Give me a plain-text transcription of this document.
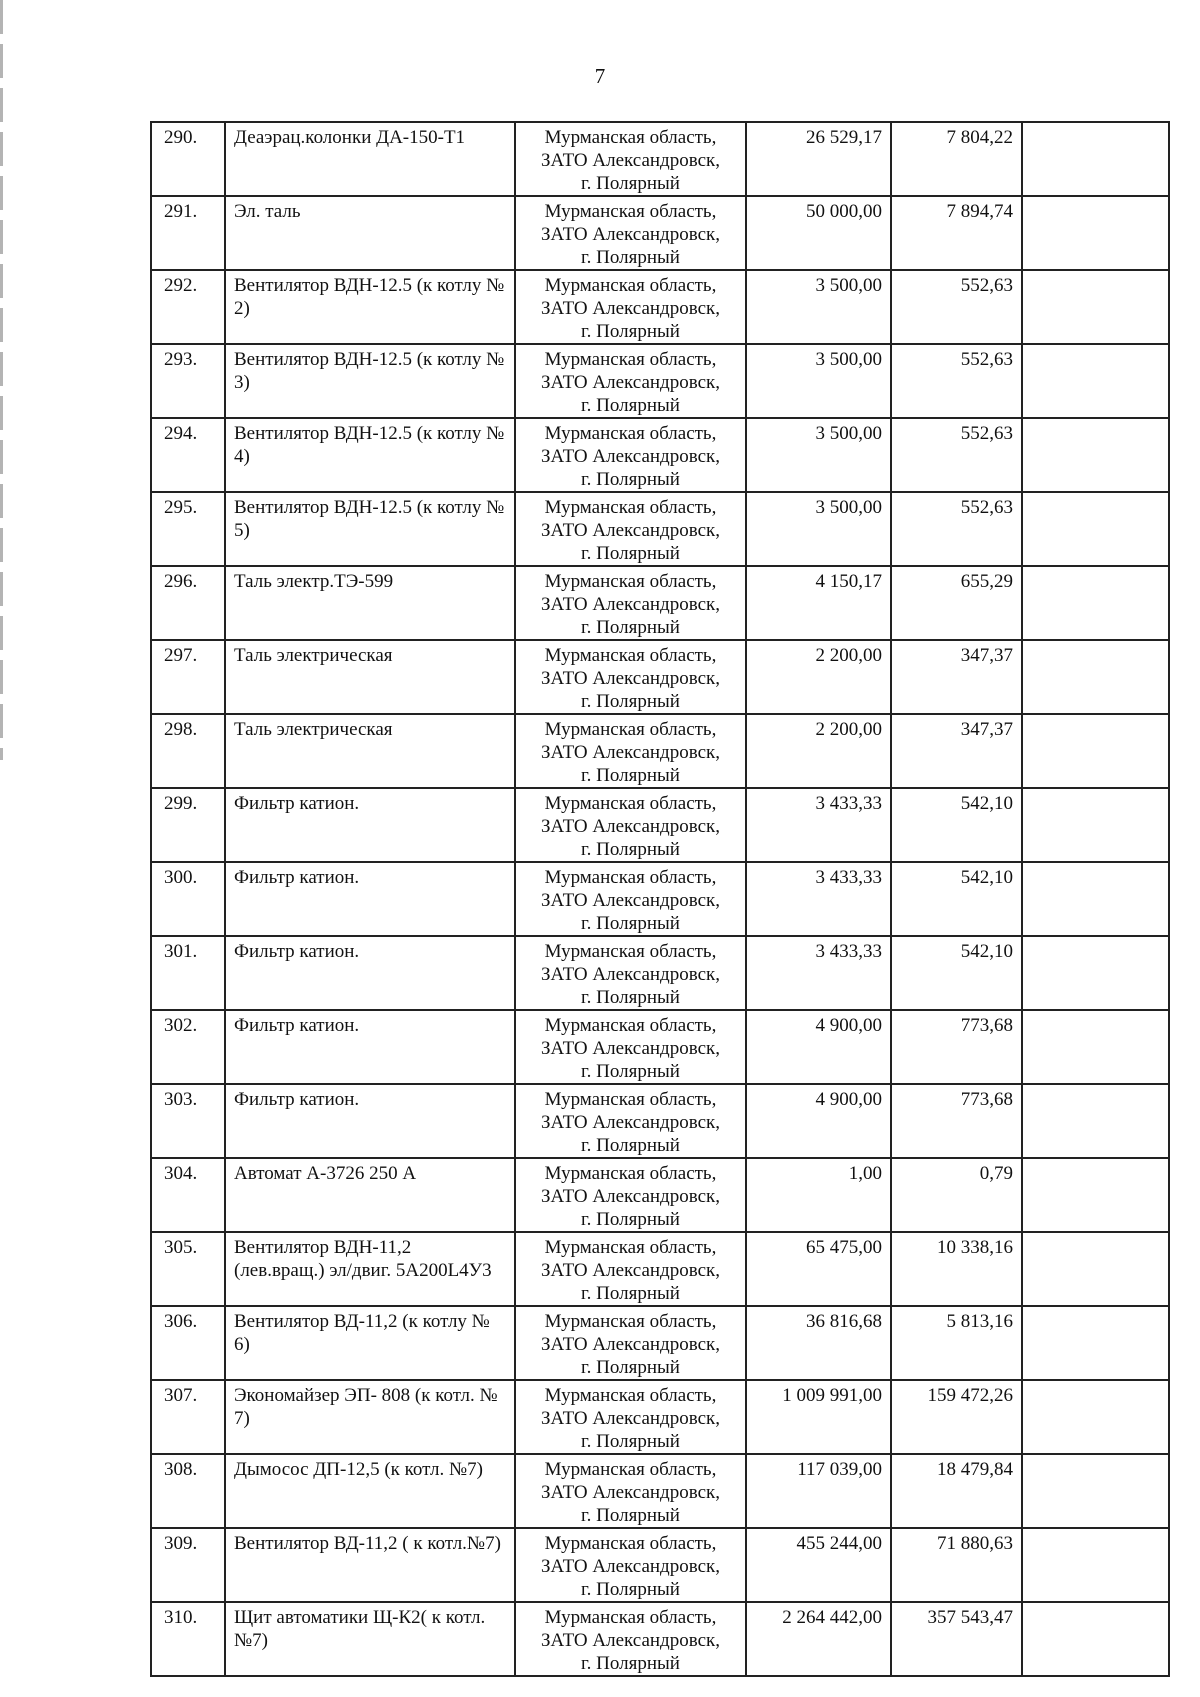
7
290.	Деаэрац.колонки ДА-150-Т1	Мурманская область,
ЗАТО Александровск,
г. Полярный	26 529,17	7 804,22	
291.	Эл. таль	Мурманская область,
ЗАТО Александровск,
г. Полярный	50 000,00	7 894,74	
292.	Вентилятор ВДН-12.5 (к котлу № 2)	Мурманская область,
ЗАТО Александровск,
г. Полярный	3 500,00	552,63	
293.	Вентилятор ВДН-12.5 (к котлу № 3)	Мурманская область,
ЗАТО Александровск,
г. Полярный	3 500,00	552,63	
294.	Вентилятор ВДН-12.5 (к котлу № 4)	Мурманская область,
ЗАТО Александровск,
г. Полярный	3 500,00	552,63	
295.	Вентилятор ВДН-12.5 (к котлу № 5)	Мурманская область,
ЗАТО Александровск,
г. Полярный	3 500,00	552,63	
296.	Таль электр.ТЭ-599	Мурманская область,
ЗАТО Александровск,
г. Полярный	4 150,17	655,29	
297.	Таль электрическая	Мурманская область,
ЗАТО Александровск,
г. Полярный	2 200,00	347,37	
298.	Таль электрическая	Мурманская область,
ЗАТО Александровск,
г. Полярный	2 200,00	347,37	
299.	Фильтр катион.	Мурманская область,
ЗАТО Александровск,
г. Полярный	3 433,33	542,10	
300.	Фильтр катион.	Мурманская область,
ЗАТО Александровск,
г. Полярный	3 433,33	542,10	
301.	Фильтр катион.	Мурманская область,
ЗАТО Александровск,
г. Полярный	3 433,33	542,10	
302.	Фильтр катион.	Мурманская область,
ЗАТО Александровск,
г. Полярный	4 900,00	773,68	
303.	Фильтр катион.	Мурманская область,
ЗАТО Александровск,
г. Полярный	4 900,00	773,68	
304.	Автомат А-3726 250 А	Мурманская область,
ЗАТО Александровск,
г. Полярный	1,00	0,79	
305.	Вентилятор ВДН-11,2 (лев.вращ.) эл/двиг. 5А200L4У3	Мурманская область,
ЗАТО Александровск,
г. Полярный	65 475,00	10 338,16	
306.	Вентилятор ВД-11,2 (к котлу № 6)	Мурманская область,
ЗАТО Александровск,
г. Полярный	36 816,68	5 813,16	
307.	Экономайзер ЭП- 808 (к котл. № 7)	Мурманская область,
ЗАТО Александровск,
г. Полярный	1 009 991,00	159 472,26	
308.	Дымосос ДП-12,5 (к котл. №7)	Мурманская область,
ЗАТО Александровск,
г. Полярный	117 039,00	18 479,84	
309.	Вентилятор ВД-11,2 ( к котл.№7)	Мурманская область,
ЗАТО Александровск,
г. Полярный	455 244,00	71 880,63	
310.	Щит автоматики Щ-К2( к котл.№7)	Мурманская область,
ЗАТО Александровск,
г. Полярный	2 264 442,00	357 543,47	
